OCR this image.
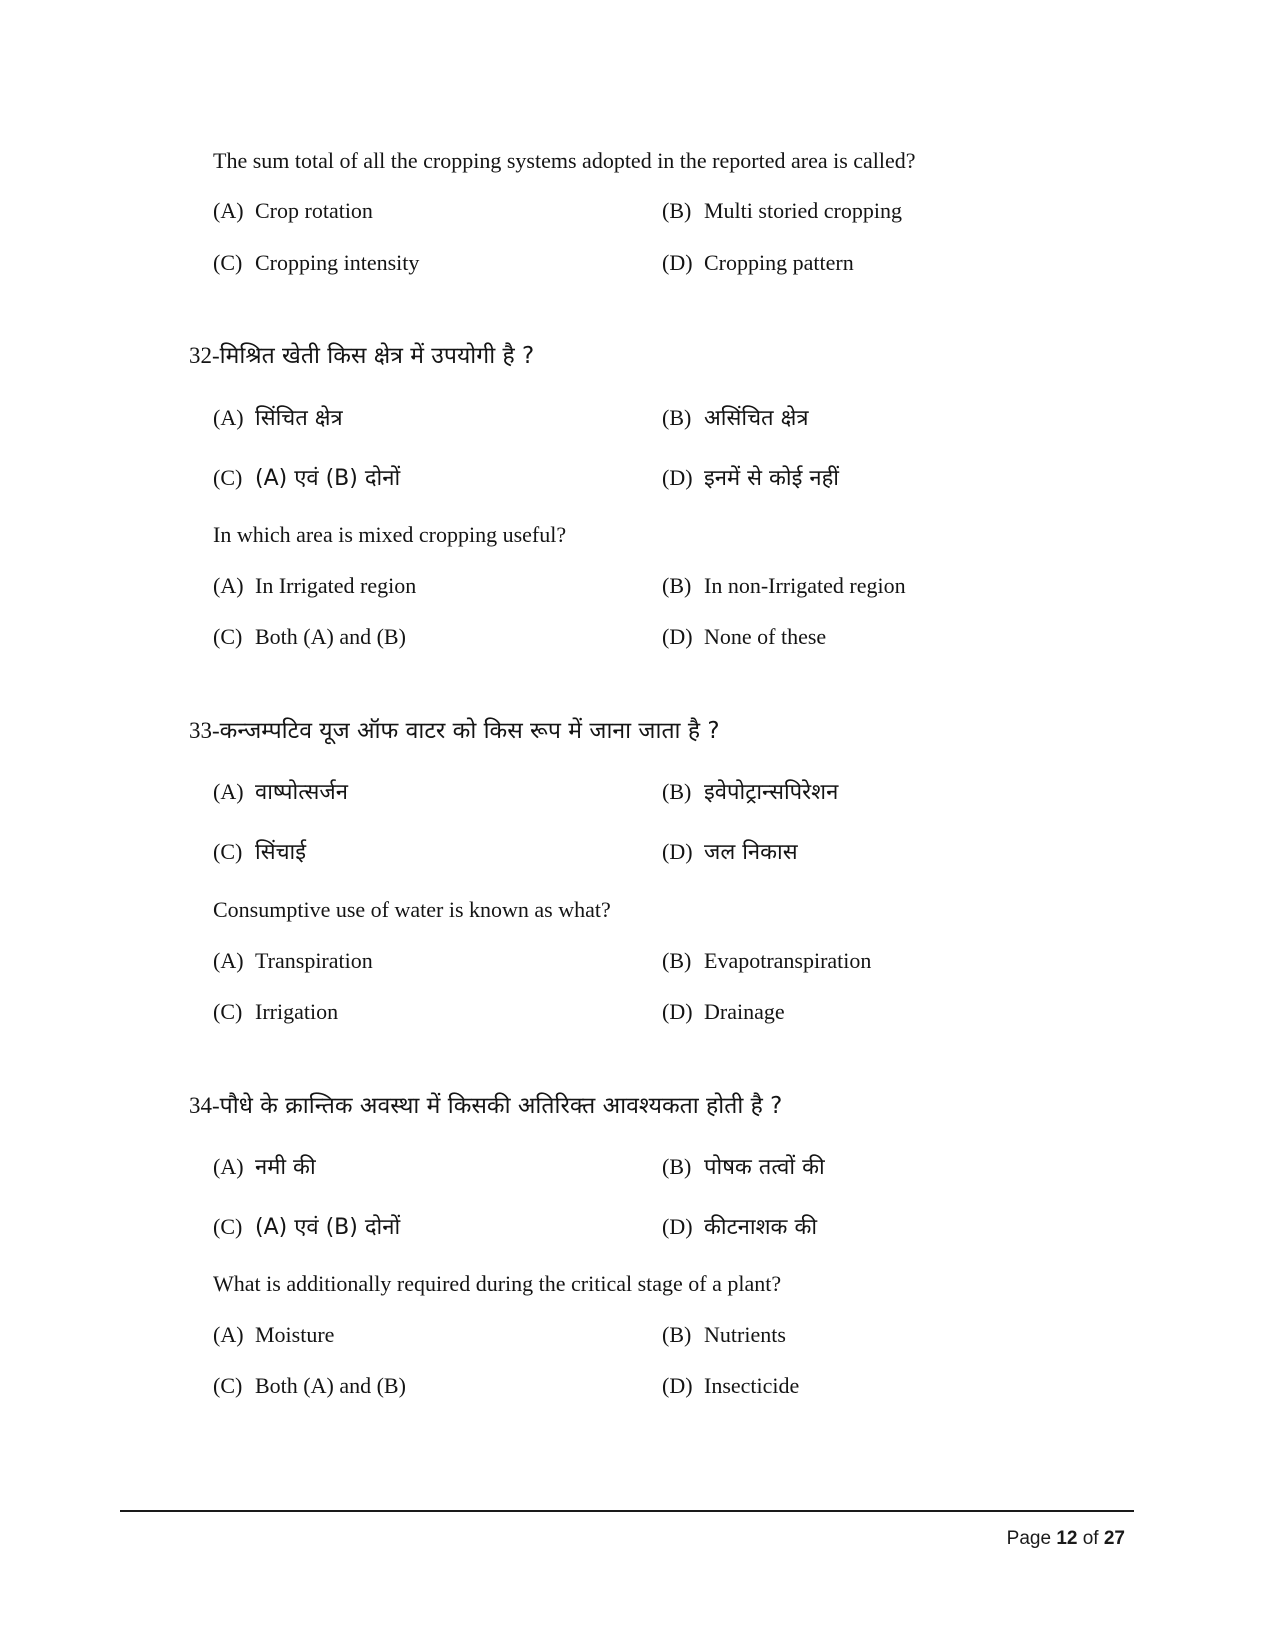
The sum total of all the cropping systems adopted in the reported area is called?
(A) Crop rotation	(B) Multi storied cropping
(C) Cropping intensity	(D) Cropping pattern
32-मिश्रित खेती किस क्षेत्र में उपयोगी है ?
(A) सिंचित क्षेत्र	(B) असिंचित क्षेत्र
(C) (A) एवं (B) दोनों	(D) इनमें से कोई नहीं
In which area is mixed cropping useful?
(A) In Irrigated region	(B) In non-Irrigated region
(C) Both (A) and (B)	(D) None of these
33-कन्जम्पटिव यूज ऑफ वाटर को किस रूप में जाना जाता है ?
(A) वाष्पोत्सर्जन	(B) इवेपोट्रान्सपिरेशन
(C) सिंचाई	(D) जल निकास
Consumptive use of water is known as what?
(A) Transpiration	(B) Evapotranspiration
(C) Irrigation	(D) Drainage
34-पौधे के क्रान्तिक अवस्था में किसकी अतिरिक्त आवश्यकता होती है ?
(A) नमी की	(B) पोषक तत्वों की
(C) (A) एवं (B) दोनों	(D) कीटनाशक की
What is additionally required during the critical stage of a plant?
(A) Moisture	(B) Nutrients
(C) Both (A) and (B)	(D) Insecticide
Page 12 of 27
